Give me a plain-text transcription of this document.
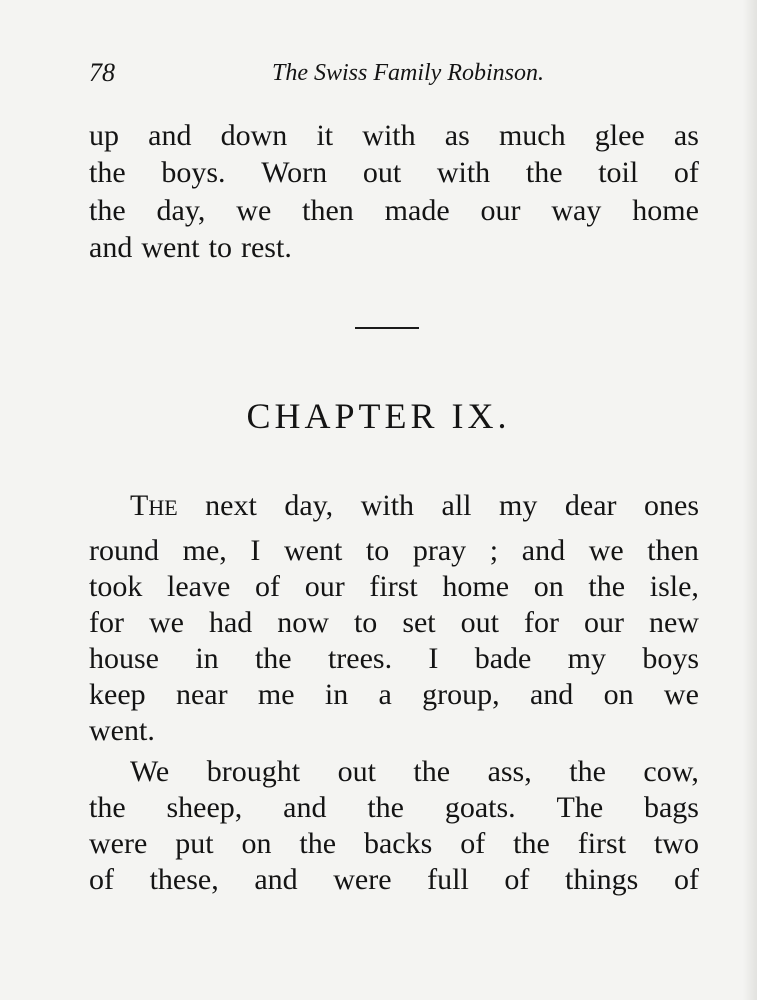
78	The Swiss Family Robinson.
up and down it with as much glee as
the boys. Worn out with the toil of
the day, we then made our way home
and went to rest.
CHAPTER IX.
THE next day, with all my dear ones
round me, I went to pray ; and we then
took leave of our first home on the isle,
for we had now to set out for our new
house in the trees. I bade my boys
keep near me in a group, and on we
went.
We brought out the ass, the cow,
the sheep, and the goats. The bags
were put on the backs of the first two
of these, and were full of things of
